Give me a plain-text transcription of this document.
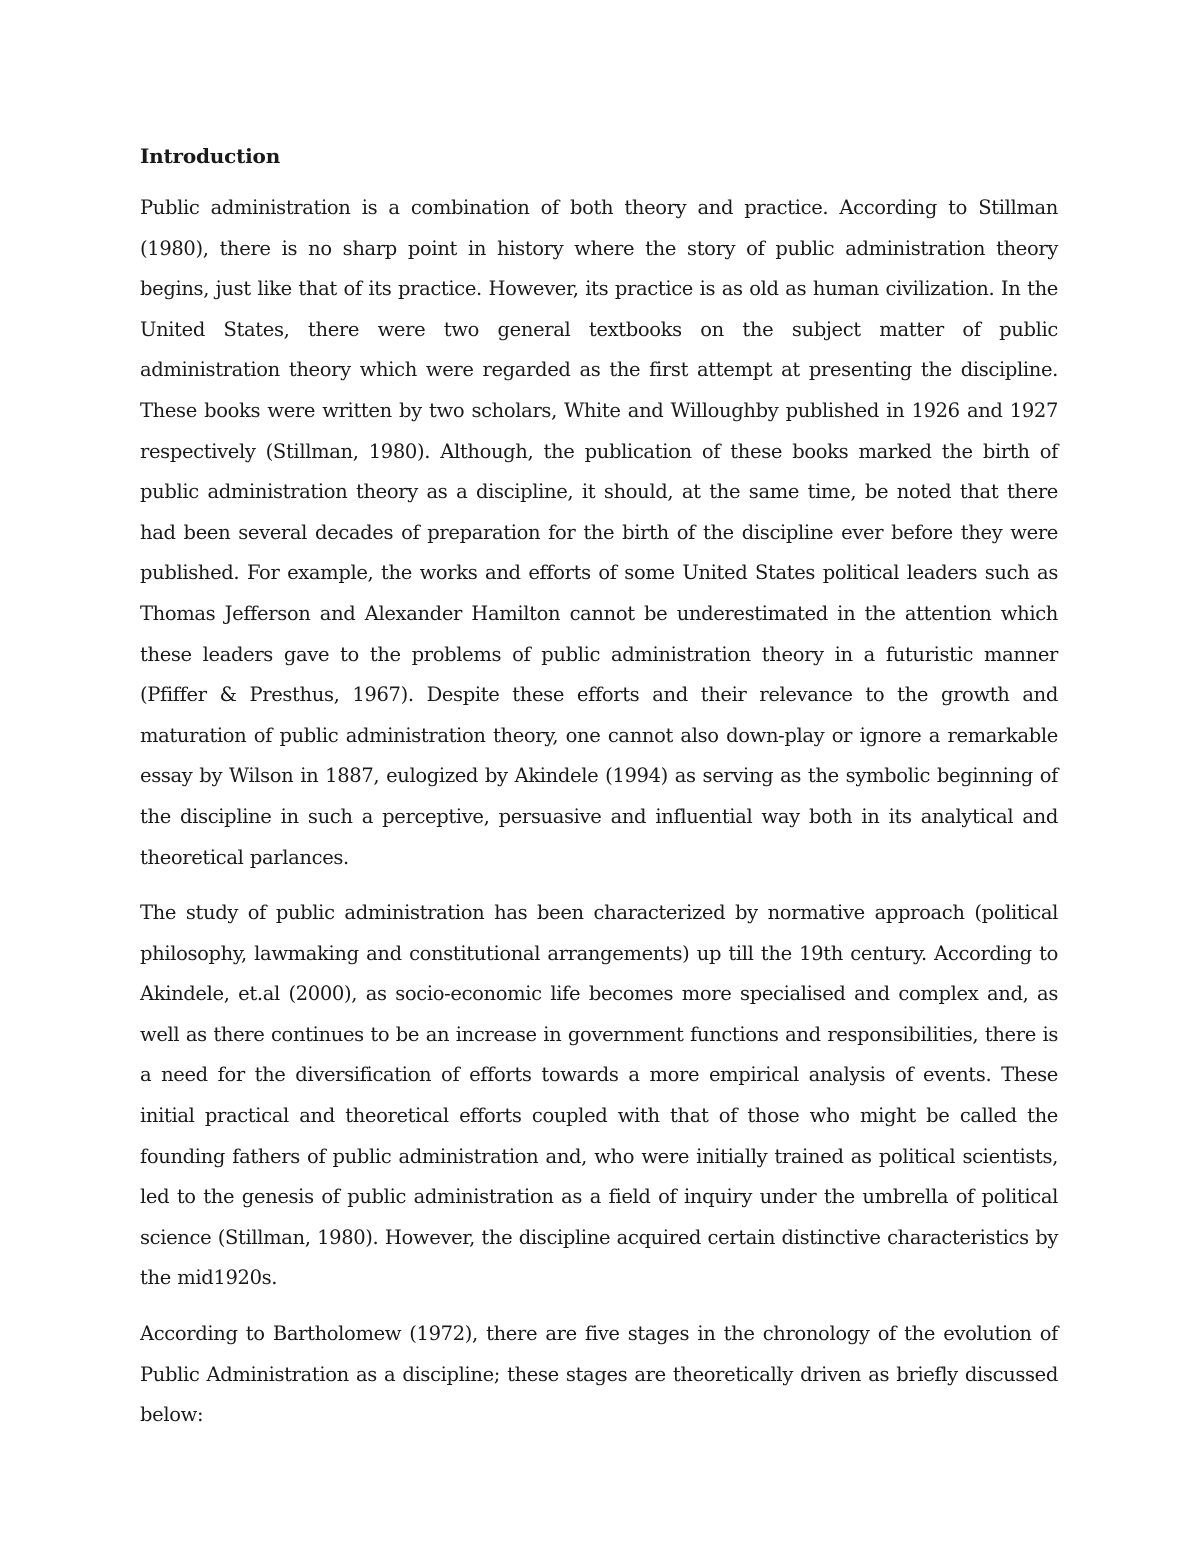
Introduction

Public administration is a combination of both theory and practice. According to Stillman (1980), there is no sharp point in history where the story of public administration theory begins, just like that of its practice. However, its practice is as old as human civilization. In the United States, there were two general textbooks on the subject matter of public administration theory which were regarded as the first attempt at presenting the discipline. These books were written by two scholars, White and Willoughby published in 1926 and 1927 respectively (Stillman, 1980). Although, the publication of these books marked the birth of public administration theory as a discipline, it should, at the same time, be noted that there had been several decades of preparation for the birth of the discipline ever before they were published. For example, the works and efforts of some United States political leaders such as Thomas Jefferson and Alexander Hamilton cannot be underestimated in the attention which these leaders gave to the problems of public administration theory in a futuristic manner (Pfiffer & Presthus, 1967). Despite these efforts and their relevance to the growth and maturation of public administration theory, one cannot also down-play or ignore a remarkable essay by Wilson in 1887, eulogized by Akindele (1994) as serving as the symbolic beginning of the discipline in such a perceptive, persuasive and influential way both in its analytical and theoretical parlances.

The study of public administration has been characterized by normative approach (political philosophy, lawmaking and constitutional arrangements) up till the 19th century. According to Akindele, et.al (2000), as socio-economic life becomes more specialised and complex and, as well as there continues to be an increase in government functions and responsibilities, there is a need for the diversification of efforts towards a more empirical analysis of events. These initial practical and theoretical efforts coupled with that of those who might be called the founding fathers of public administration and, who were initially trained as political scientists, led to the genesis of public administration as a field of inquiry under the umbrella of political science (Stillman, 1980). However, the discipline acquired certain distinctive characteristics by the mid1920s.

According to Bartholomew (1972), there are five stages in the chronology of the evolution of Public Administration as a discipline; these stages are theoretically driven as briefly discussed below:
